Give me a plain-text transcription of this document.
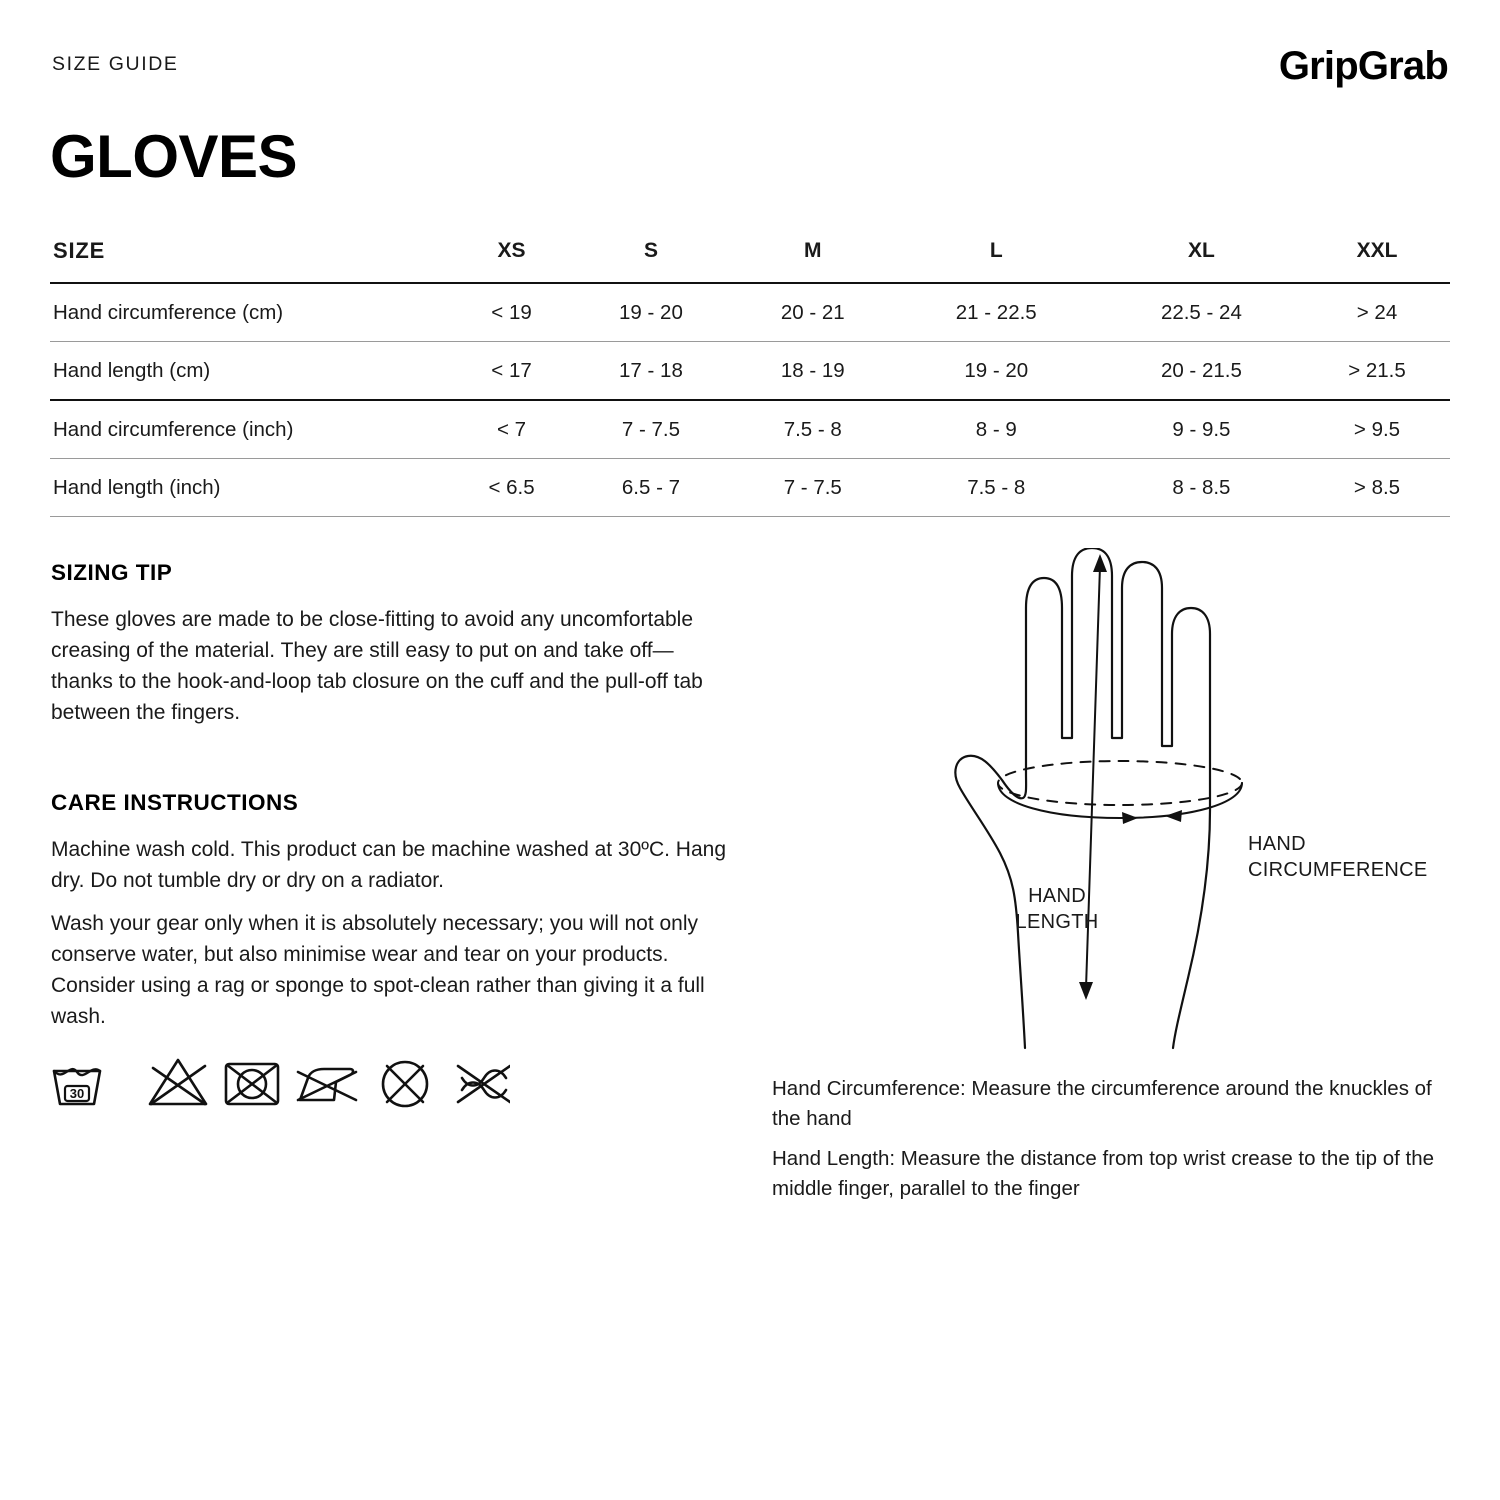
SIZE GUIDE	GripGrab
GLOVES
SIZE	XS	S	M	L	XL	XXL
Hand circumference (cm)	< 19	19 - 20	20 - 21	21 - 22.5	22.5 - 24	> 24
Hand length (cm)	< 17	17 - 18	18 - 19	19 - 20	20 - 21.5	> 21.5
Hand circumference (inch)	< 7	7 - 7.5	7.5 - 8	8 - 9	9 - 9.5	> 9.5
Hand length (inch)	< 6.5	6.5 - 7	7 - 7.5	7.5 - 8	8 - 8.5	> 8.5
SIZING TIP
These gloves are made to be close-fitting to avoid any uncomfortable creasing of the material. They are still easy to put on and take off—thanks to the hook-and-loop tab closure on the cuff and the pull-off tab between the fingers.
CARE INSTRUCTIONS
Machine wash cold. This product can be machine washed at 30ºC. Hang dry. Do not tumble dry or dry on a radiator.
Wash your gear only when it is absolutely necessary; you will not only conserve water, but also minimise wear and tear on your products. Consider using a rag or sponge to spot-clean rather than giving it a full wash.
30
HAND
LENGTH
HAND
CIRCUMFERENCE
Hand Circumference: Measure the circumference around the knuckles of the hand
Hand Length: Measure the distance from top wrist crease to the tip of the middle finger, parallel to the finger
